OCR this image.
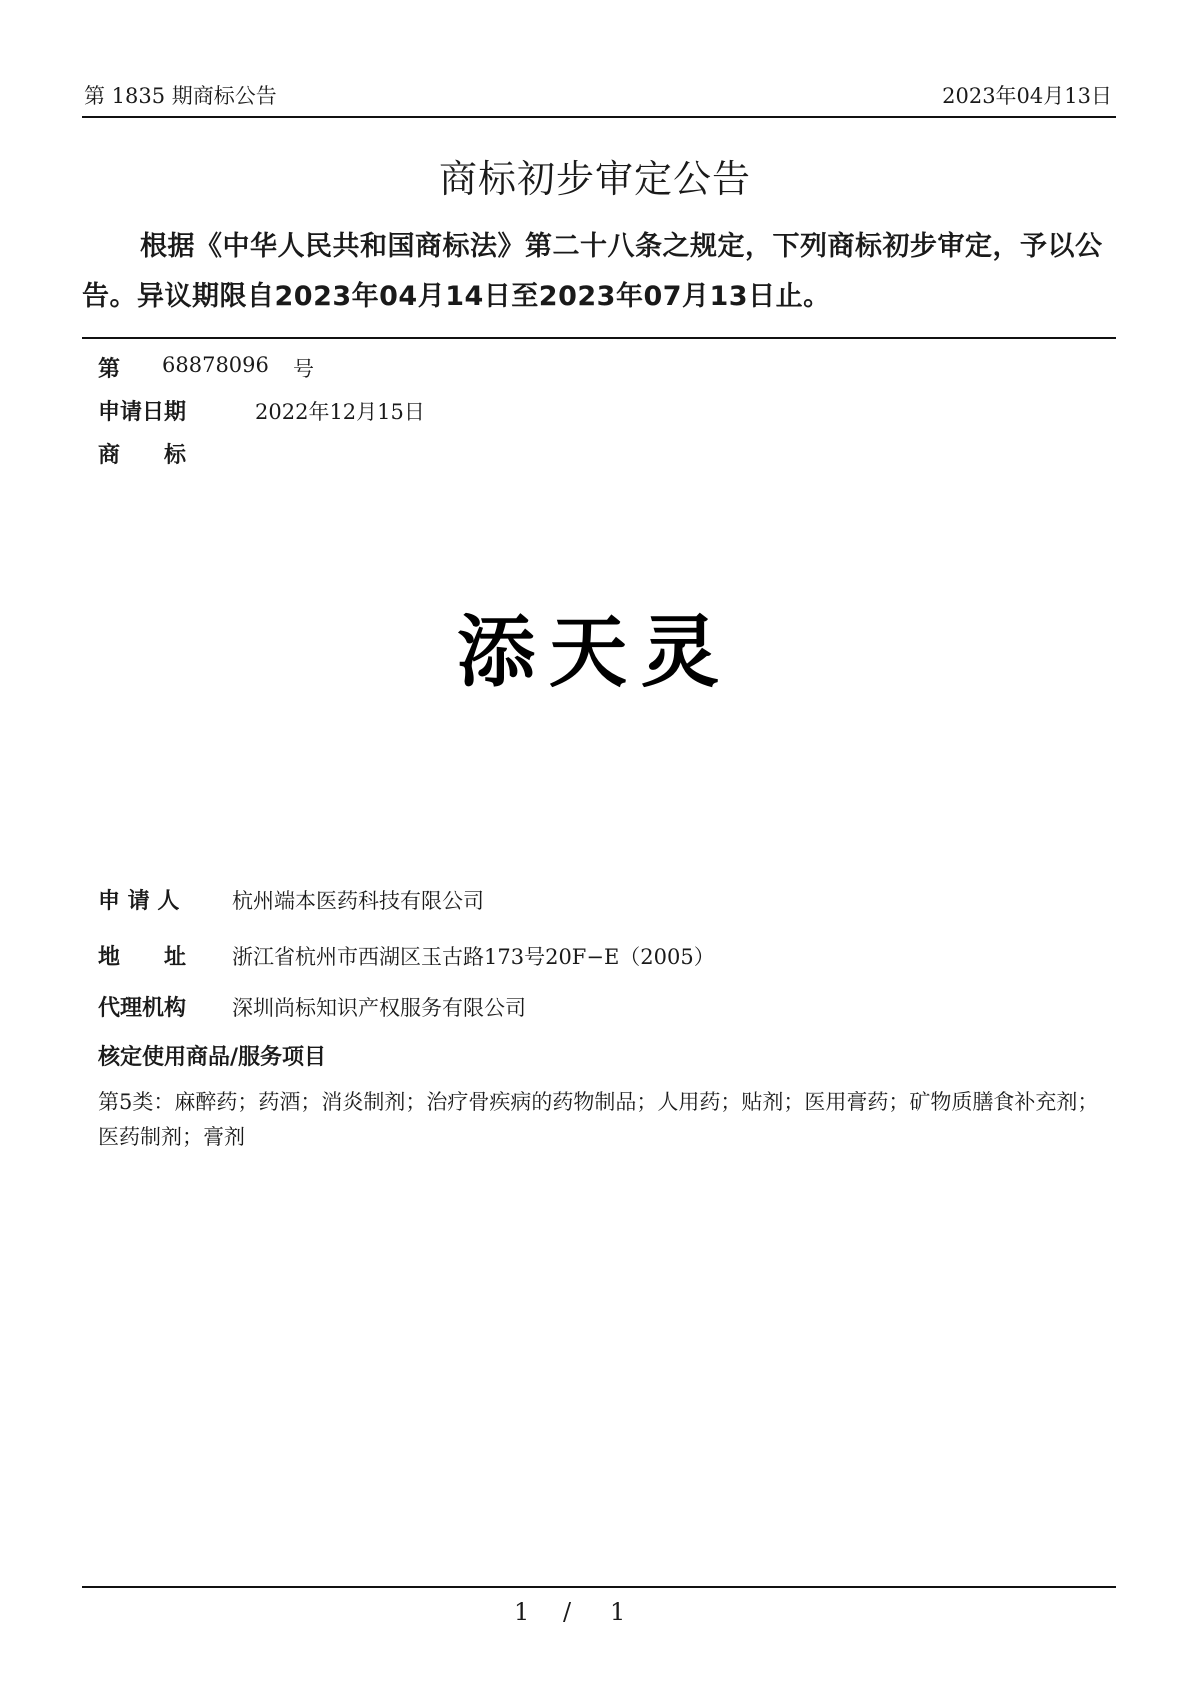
第 1835 期商标公告	2023年04月13日
商标初步审定公告
根据《中华人民共和国商标法》第二十八条之规定，下列商标初步审定，予以公告。异议期限自2023年04月14日至2023年07月13日止。
第 68878096 号
申请日期	2022年12月15日
商　　标
添天灵
申 请 人	杭州端本医药科技有限公司
地　　址 浙江省杭州市西湖区玉古路173号20F−E（2005）
代理机构 深圳尚标知识产权服务有限公司
核定使用商品/服务项目
第5类：麻醉药；药酒；消炎制剂；治疗骨疾病的药物制品；人用药；贴剂；医用膏药；矿物质膳食补充剂；医药制剂；膏剂
1 / 1
